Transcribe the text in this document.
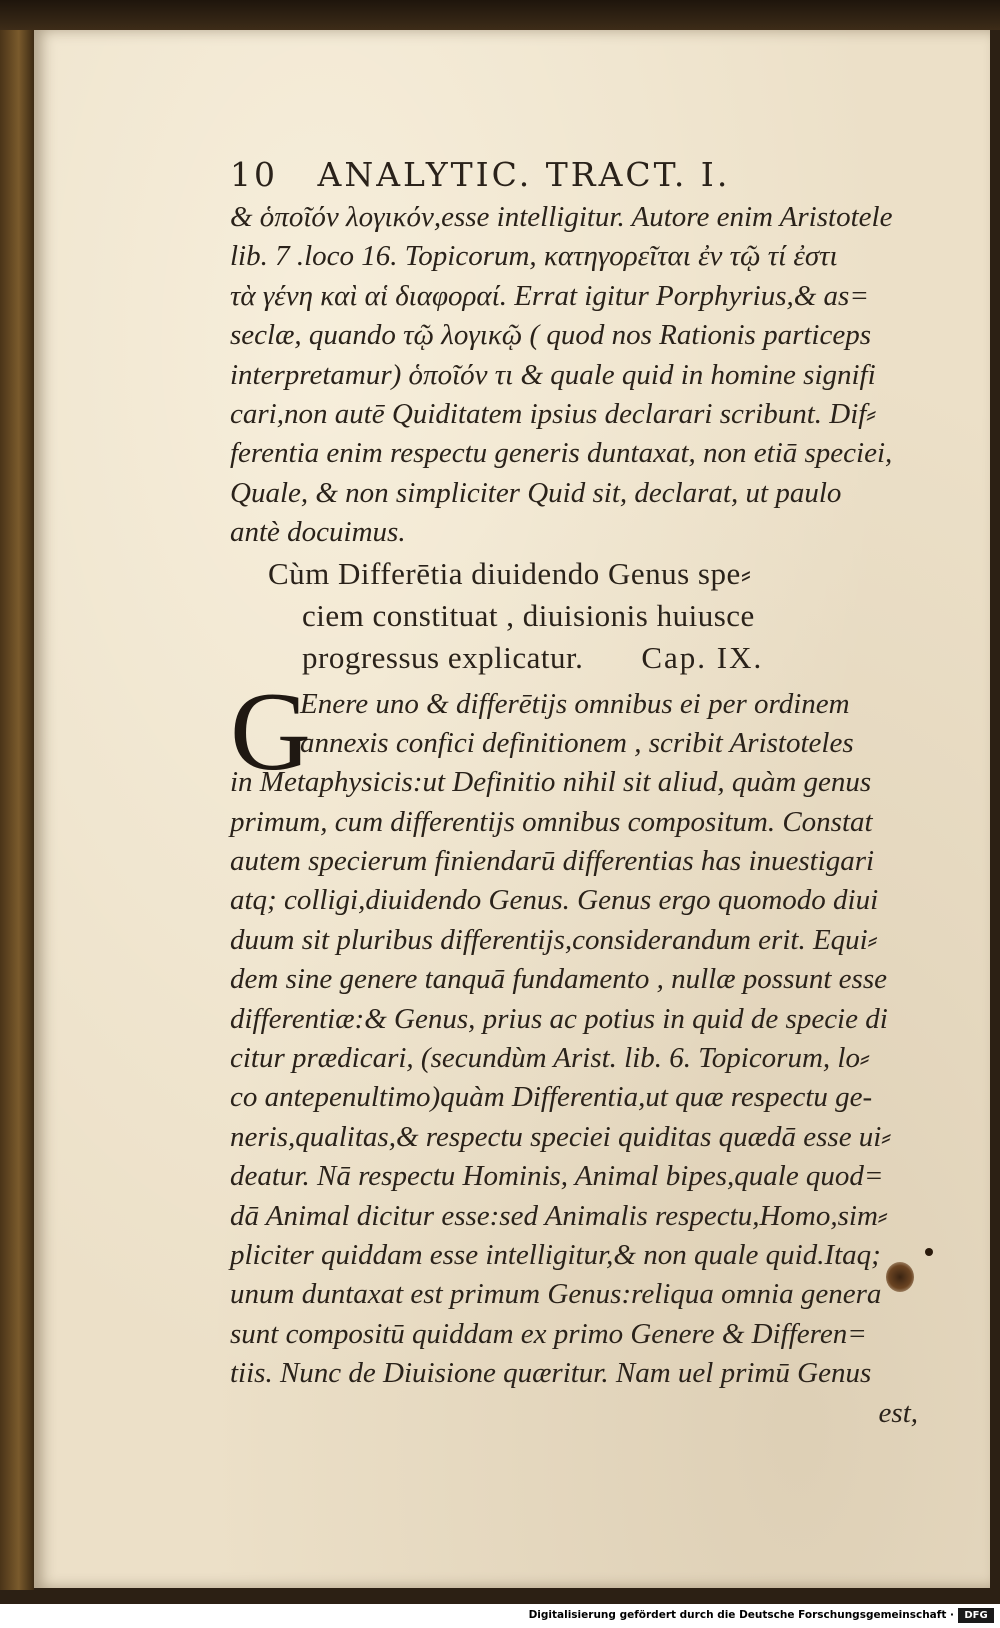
10 ANALYTIC. TRACT. I.
& ὁποῖόν λογικόν,esse intelligitur. Autore enim Aristotele
lib. 7 .loco 16. Topicorum, κατηγορεῖται ἐν τῷ τί ἐστι
τὰ γένη καὶ αἱ διαφοραί. Errat igitur Porphyrius,& as=
seclæ, quando τῷ λογικῷ ( quod nos Rationis particeps
interpretamur) ὁποῖόν τι & quale quid in homine signifi
cari,non autē Quiditatem ipsius declarari scribunt. Dif⸗
ferentia enim respectu generis duntaxat, non etiā speciei,
Quale, & non simpliciter Quid sit, declarat, ut paulo
antè docuimus.
Cùm Differētia diuidendo Genus spe⸗
ciem constituat , diuisionis huiusce
progressus explicatur. Cap. IX.
G
Enere uno & differētijs omnibus ei per ordinem
annexis confici definitionem , scribit Aristoteles
in Metaphysicis:ut Definitio nihil sit aliud, quàm genus
primum, cum differentijs omnibus compositum. Constat
autem specierum finiendarū differentias has inuestigari
atq; colligi,diuidendo Genus. Genus ergo quomodo diui
duum sit pluribus differentijs,considerandum erit. Equi⸗
dem sine genere tanquā fundamento , nullæ possunt esse
differentiæ:& Genus, prius ac potius in quid de specie di
citur prædicari, (secundùm Arist. lib. 6. Topicorum, lo⸗
co antepenultimo)quàm Differentia,ut quæ respectu ge-
neris,qualitas,& respectu speciei quiditas quædā esse ui⸗
deatur. Nā respectu Hominis, Animal bipes,quale quod=
dā Animal dicitur esse:sed Animalis respectu,Homo,sim⸗
pliciter quiddam esse intelligitur,& non quale quid.Itaq;
unum duntaxat est primum Genus:reliqua omnia genera
sunt compositū quiddam ex primo Genere & Differen=
tiis. Nunc de Diuisione quæritur. Nam uel primū Genus
est,
Digitalisierung gefördert durch die Deutsche Forschungsgemeinschaft ·	DFG
